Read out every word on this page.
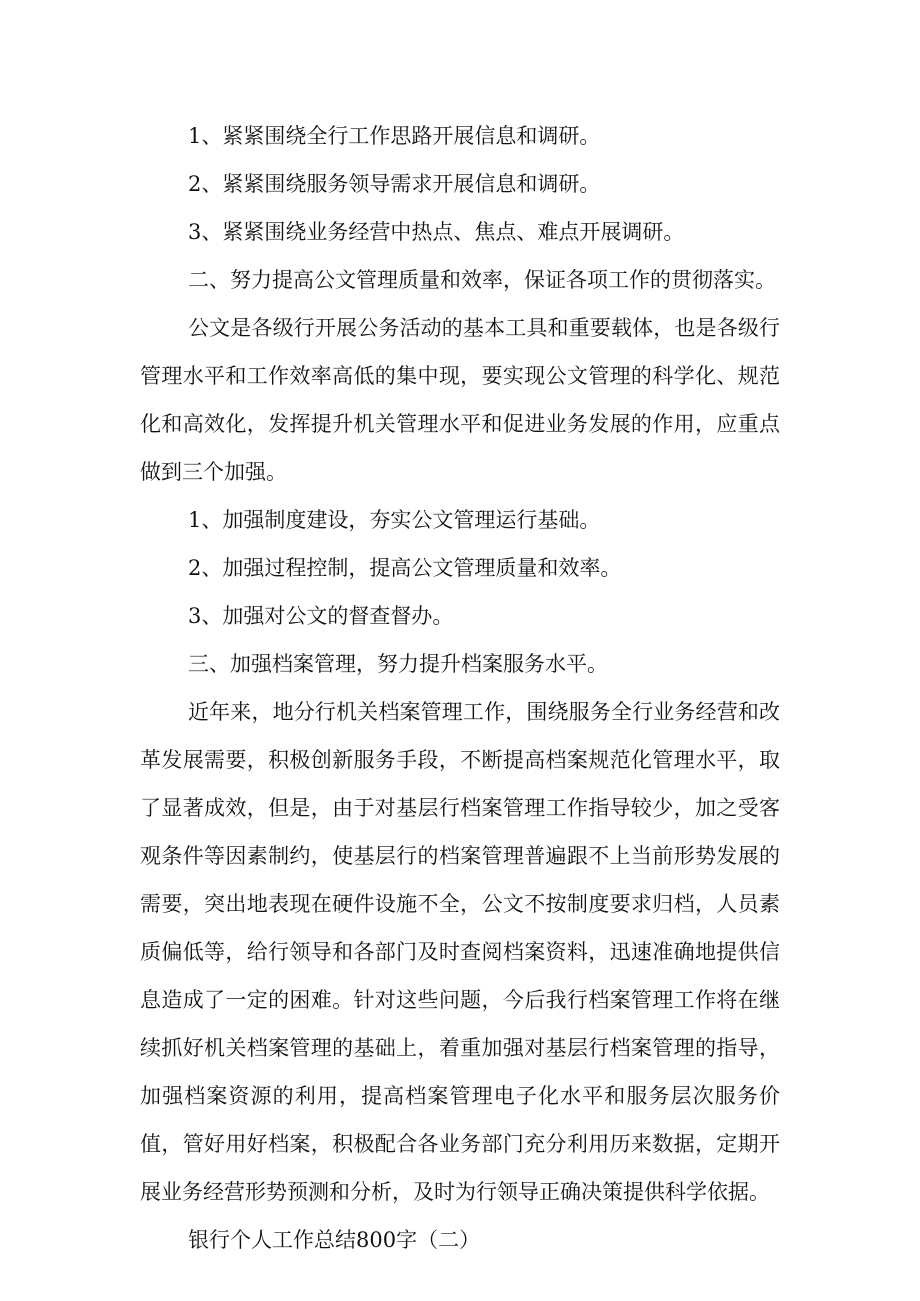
1、紧紧围绕全行工作思路开展信息和调研。

2、紧紧围绕服务领导需求开展信息和调研。

3、紧紧围绕业务经营中热点、焦点、难点开展调研。

二、努力提高公文管理质量和效率，保证各项工作的贯彻落实。

公文是各级行开展公务活动的基本工具和重要载体，也是各级行管理水平和工作效率高低的集中现，要实现公文管理的科学化、规范化和高效化，发挥提升机关管理水平和促进业务发展的作用，应重点做到三个加强。

1、加强制度建设，夯实公文管理运行基础。

2、加强过程控制，提高公文管理质量和效率。

3、加强对公文的督查督办。

三、加强档案管理，努力提升档案服务水平。

近年来，地分行机关档案管理工作，围绕服务全行业务经营和改革发展需要，积极创新服务手段，不断提高档案规范化管理水平，取了显著成效，但是，由于对基层行档案管理工作指导较少，加之受客观条件等因素制约，使基层行的档案管理普遍跟不上当前形势发展的需要，突出地表现在硬件设施不全，公文不按制度要求归档，人员素质偏低等，给行领导和各部门及时查阅档案资料，迅速准确地提供信息造成了一定的困难。针对这些问题，今后我行档案管理工作将在继续抓好机关档案管理的基础上，着重加强对基层行档案管理的指导，加强档案资源的利用，提高档案管理电子化水平和服务层次服务价值，管好用好档案，积极配合各业务部门充分利用历来数据，定期开展业务经营形势预测和分析，及时为行领导正确决策提供科学依据。

银行个人工作总结800字（二）
